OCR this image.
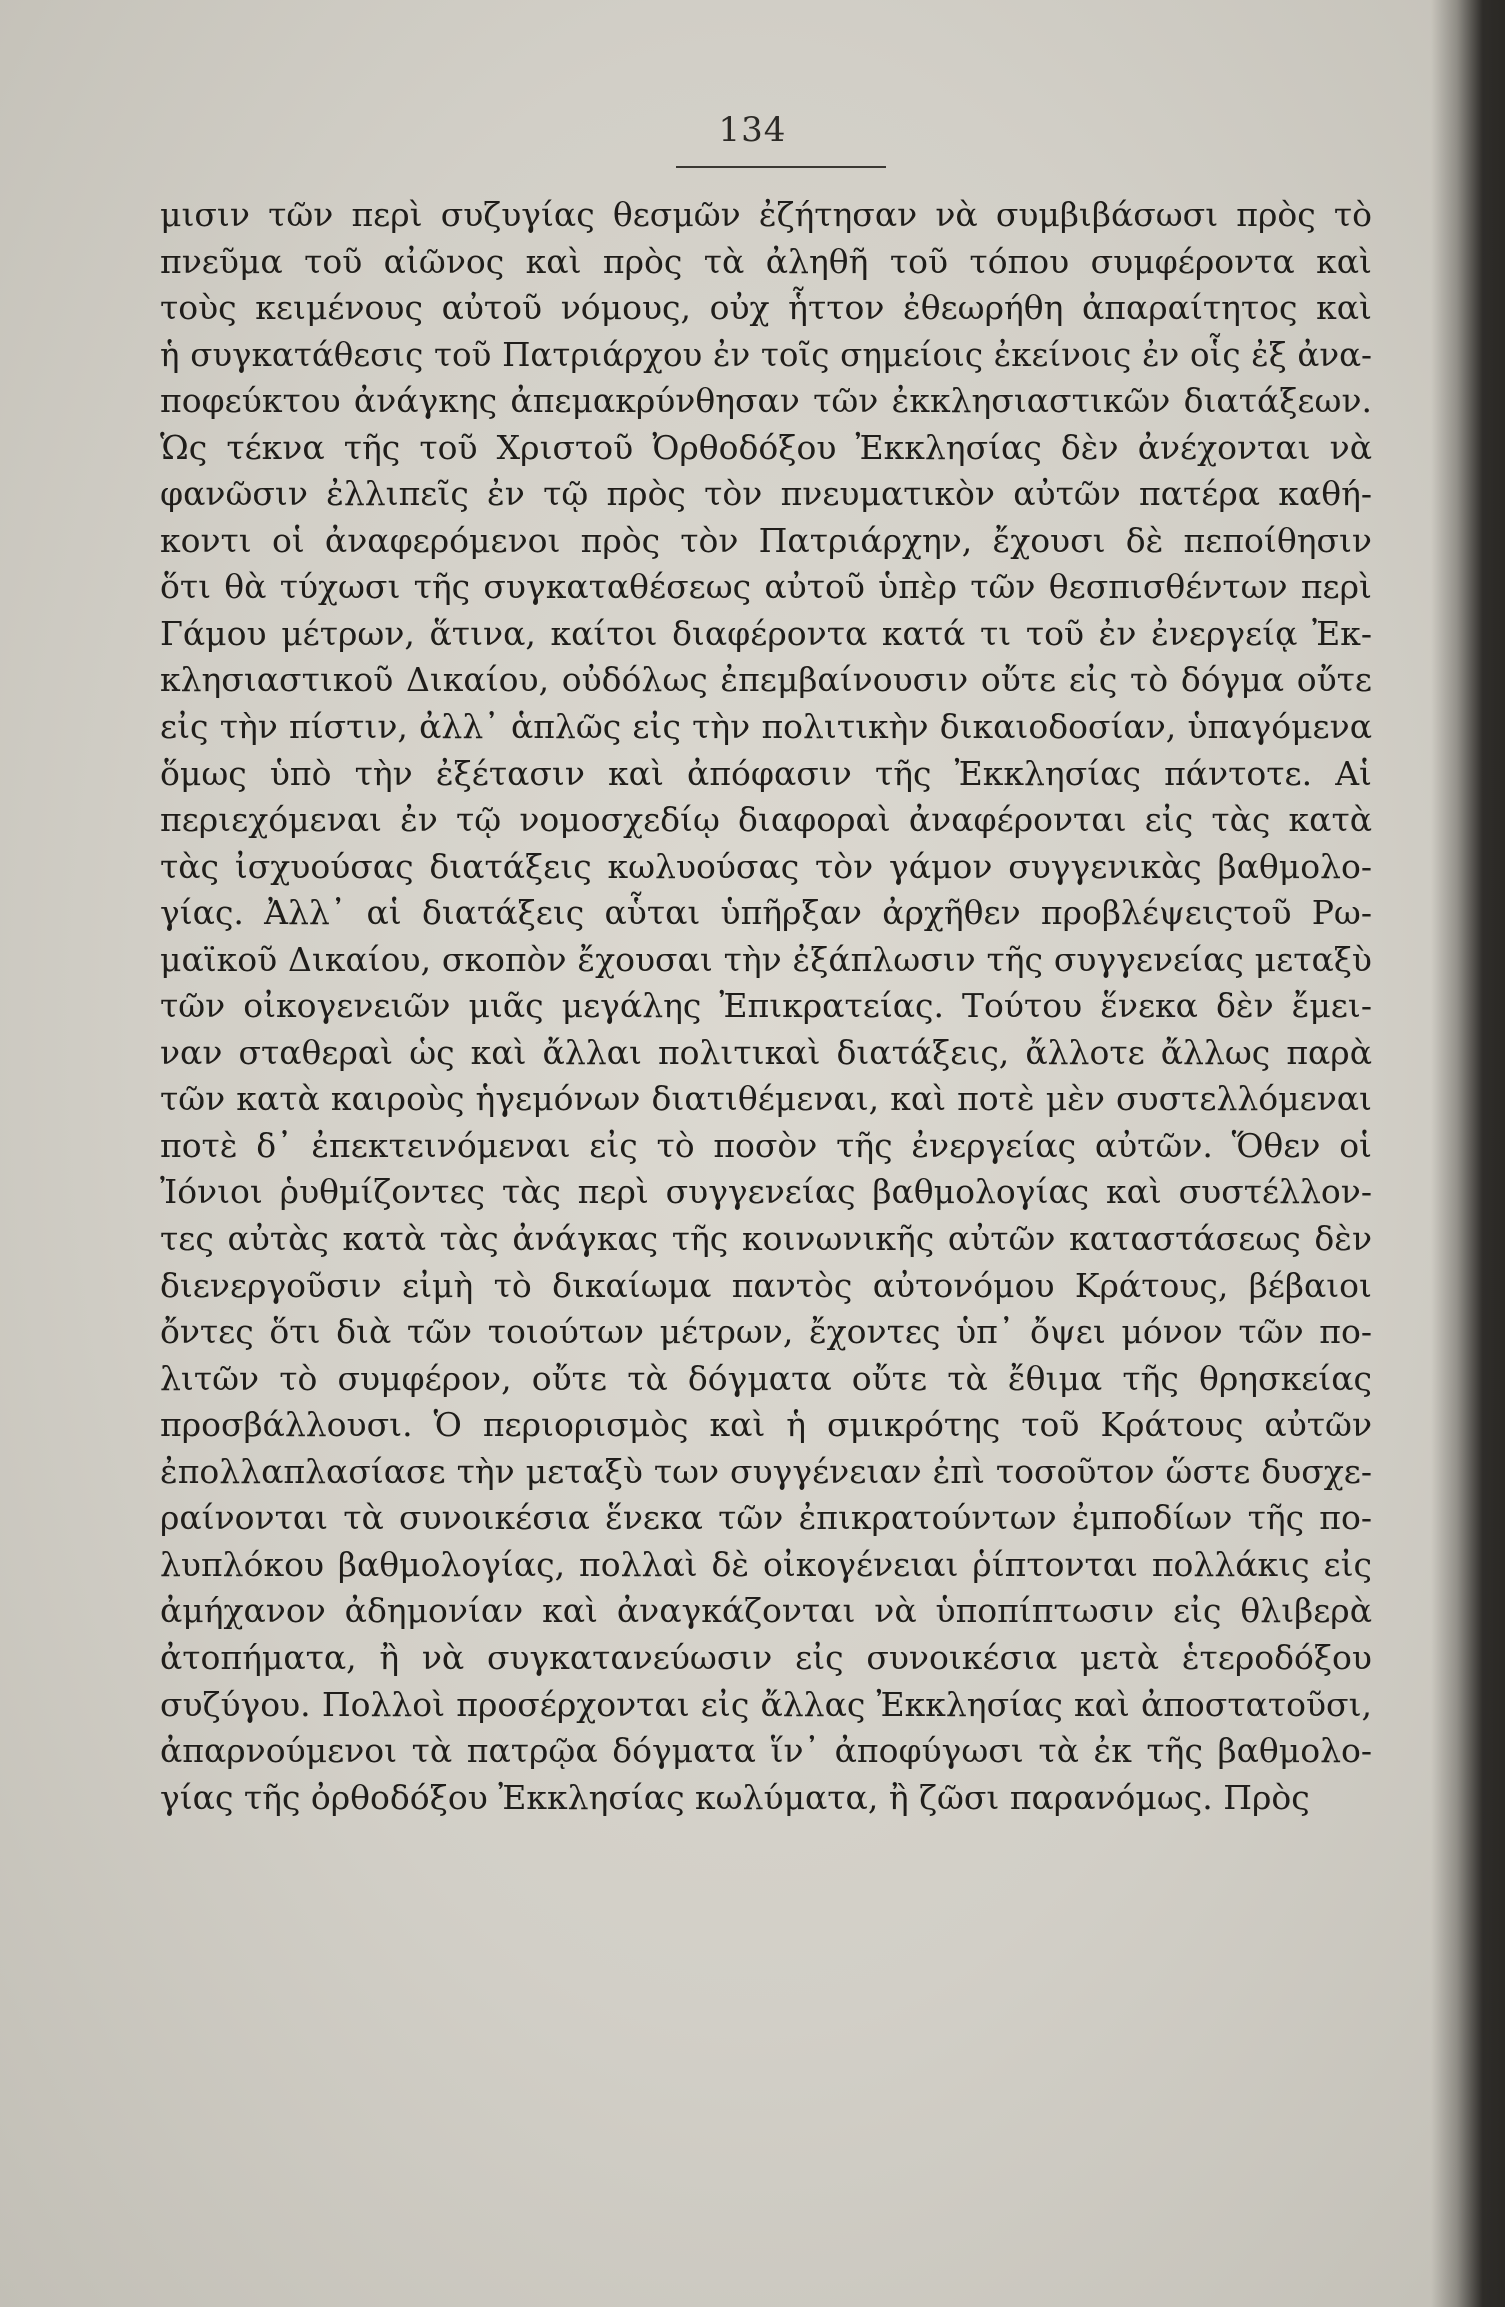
134
μισιν τῶν περὶ συζυγίας θεσμῶν ἐζήτησαν νὰ συμβιβάσωσι πρὸς τὸ
πνεῦμα τοῦ αἰῶνος καὶ πρὸς τὰ ἀληθῆ τοῦ τόπου συμφέροντα καὶ
τοὺς κειμένους αὐτοῦ νόμους, οὐχ ἧττον ἐθεωρήθη ἀπαραίτητος καὶ
ἡ συγκατάθεσις τοῦ Πατριάρχου ἐν τοῖς σημείοις ἐκείνοις ἐν οἷς ἐξ ἀνα-
ποφεύκτου ἀνάγκης ἀπεμακρύνθησαν τῶν ἐκκλησιαστικῶν διατάξεων.
Ὡς τέκνα τῆς τοῦ Χριστοῦ Ὀρθοδόξου Ἐκκλησίας δὲν ἀνέχονται νὰ
φανῶσιν ἐλλιπεῖς ἐν τῷ πρὸς τὸν πνευματικὸν αὐτῶν πατέρα καθή-
κοντι οἱ ἀναφερόμενοι πρὸς τὸν Πατριάρχην, ἔχουσι δὲ πεποίθησιν
ὅτι θὰ τύχωσι τῆς συγκαταθέσεως αὐτοῦ ὑπὲρ τῶν θεσπισθέντων περὶ
Γάμου μέτρων, ἅτινα, καίτοι διαφέροντα κατά τι τοῦ ἐν ἐνεργείᾳ Ἐκ-
κλησιαστικοῦ Δικαίου, οὐδόλως ἐπεμβαίνουσιν οὔτε εἰς τὸ δόγμα οὔτε
εἰς τὴν πίστιν, ἀλλ᾽ ἁπλῶς εἰς τὴν πολιτικὴν δικαιοδοσίαν, ὑπαγόμενα
ὅμως ὑπὸ τὴν ἐξέτασιν καὶ ἀπόφασιν τῆς Ἐκκλησίας πάντοτε. Αἱ
περιεχόμεναι ἐν τῷ νομοσχεδίῳ διαφοραὶ ἀναφέρονται εἰς τὰς κατὰ
τὰς ἰσχυούσας διατάξεις κωλυούσας τὸν γάμον συγγενικὰς βαθμολο-
γίας. Ἀλλ᾽ αἱ διατάξεις αὗται ὑπῆρξαν ἀρχῆθεν προβλέψειςτοῦ Ρω-
μαϊκοῦ Δικαίου, σκοπὸν ἔχουσαι τὴν ἐξάπλωσιν τῆς συγγενείας μεταξὺ
τῶν οἰκογενειῶν μιᾶς μεγάλης Ἐπικρατείας. Τούτου ἕνεκα δὲν ἔμει-
ναν σταθεραὶ ὡς καὶ ἄλλαι πολιτικαὶ διατάξεις, ἄλλοτε ἄλλως παρὰ
τῶν κατὰ καιροὺς ἡγεμόνων διατιθέμεναι, καὶ ποτὲ μὲν συστελλόμεναι
ποτὲ δ᾽ ἐπεκτεινόμεναι εἰς τὸ ποσὸν τῆς ἐνεργείας αὐτῶν. Ὅθεν οἱ
Ἰόνιοι ῥυθμίζοντες τὰς περὶ συγγενείας βαθμολογίας καὶ συστέλλον-
τες αὐτὰς κατὰ τὰς ἀνάγκας τῆς κοινωνικῆς αὐτῶν καταστάσεως δὲν
διενεργοῦσιν εἰμὴ τὸ δικαίωμα παντὸς αὐτονόμου Κράτους, βέβαιοι
ὄντες ὅτι διὰ τῶν τοιούτων μέτρων, ἔχοντες ὑπ᾽ ὄψει μόνον τῶν πο-
λιτῶν τὸ συμφέρον, οὔτε τὰ δόγματα οὔτε τὰ ἔθιμα τῆς θρησκείας
προσβάλλουσι. Ὁ περιορισμὸς καὶ ἡ σμικρότης τοῦ Κράτους αὐτῶν
ἐπολλαπλασίασε τὴν μεταξὺ των συγγένειαν ἐπὶ τοσοῦτον ὥστε δυσχε-
ραίνονται τὰ συνοικέσια ἕνεκα τῶν ἐπικρατούντων ἐμποδίων τῆς πο-
λυπλόκου βαθμολογίας, πολλαὶ δὲ οἰκογένειαι ῥίπτονται πολλάκις εἰς
ἀμήχανον ἀδημονίαν καὶ ἀναγκάζονται νὰ ὑποπίπτωσιν εἰς θλιβερὰ
ἀτοπήματα, ἢ νὰ συγκατανεύωσιν εἰς συνοικέσια μετὰ ἑτεροδόξου
συζύγου. Πολλοὶ προσέρχονται εἰς ἄλλας Ἐκκλησίας καὶ ἀποστατοῦσι,
ἀπαρνούμενοι τὰ πατρῷα δόγματα ἵν᾽ ἀποφύγωσι τὰ ἐκ τῆς βαθμολο-
γίας τῆς ὀρθοδόξου Ἐκκλησίας κωλύματα, ἢ ζῶσι παρανόμως. Πρὸς
